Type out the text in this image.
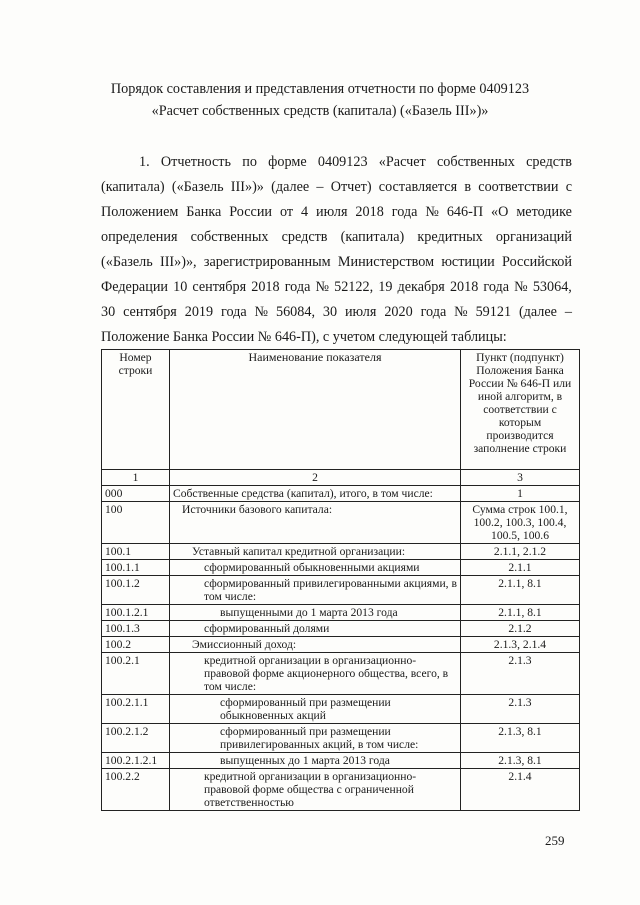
Порядок составления и представления отчетности по форме 0409123
«Расчет собственных средств (капитала) («Базель III»)»
1. Отчетность по форме 0409123 «Расчет собственных средств
(капитала) («Базель III»)» (далее – Отчет) составляется в соответствии с
Положением Банка России от 4 июля 2018 года № 646-П «О методике
определения собственных средств (капитала) кредитных организаций
(«Базель III»)», зарегистрированным Министерством юстиции Российской
Федерации 10 сентября 2018 года № 52122, 19 декабря 2018 года № 53064,
30 сентября 2019 года № 56084, 30 июля 2020 года № 59121 (далее –
Положение Банка России № 646-П), с учетом следующей таблицы:
Номер строки	Наименование показателя	Пункт (подпункт) Положения Банка России № 646-П или иной алгоритм, в соответствии с которым производится заполнение строки
1	2	3
000	Собственные средства (капитал), итого, в том числе:	1
100	Источники базового капитала:	Сумма строк 100.1, 100.2, 100.3, 100.4, 100.5, 100.6
100.1	Уставный капитал кредитной организации:	2.1.1, 2.1.2
100.1.1	сформированный обыкновенными акциями	2.1.1
100.1.2	сформированный привилегированными акциями, в том числе:	2.1.1, 8.1
100.1.2.1	выпущенными до 1 марта 2013 года	2.1.1, 8.1
100.1.3	сформированный долями	2.1.2
100.2	Эмиссионный доход:	2.1.3, 2.1.4
100.2.1	кредитной организации в организационно-правовой форме акционерного общества, всего, в том числе:	2.1.3
100.2.1.1	сформированный при размещении обыкновенных акций	2.1.3
100.2.1.2	сформированный при размещении привилегированных акций, в том числе:	2.1.3, 8.1
100.2.1.2.1	выпущенных до 1 марта 2013 года	2.1.3, 8.1
100.2.2	кредитной организации в организационно-правовой форме общества с ограниченной ответственностью	2.1.4
259
